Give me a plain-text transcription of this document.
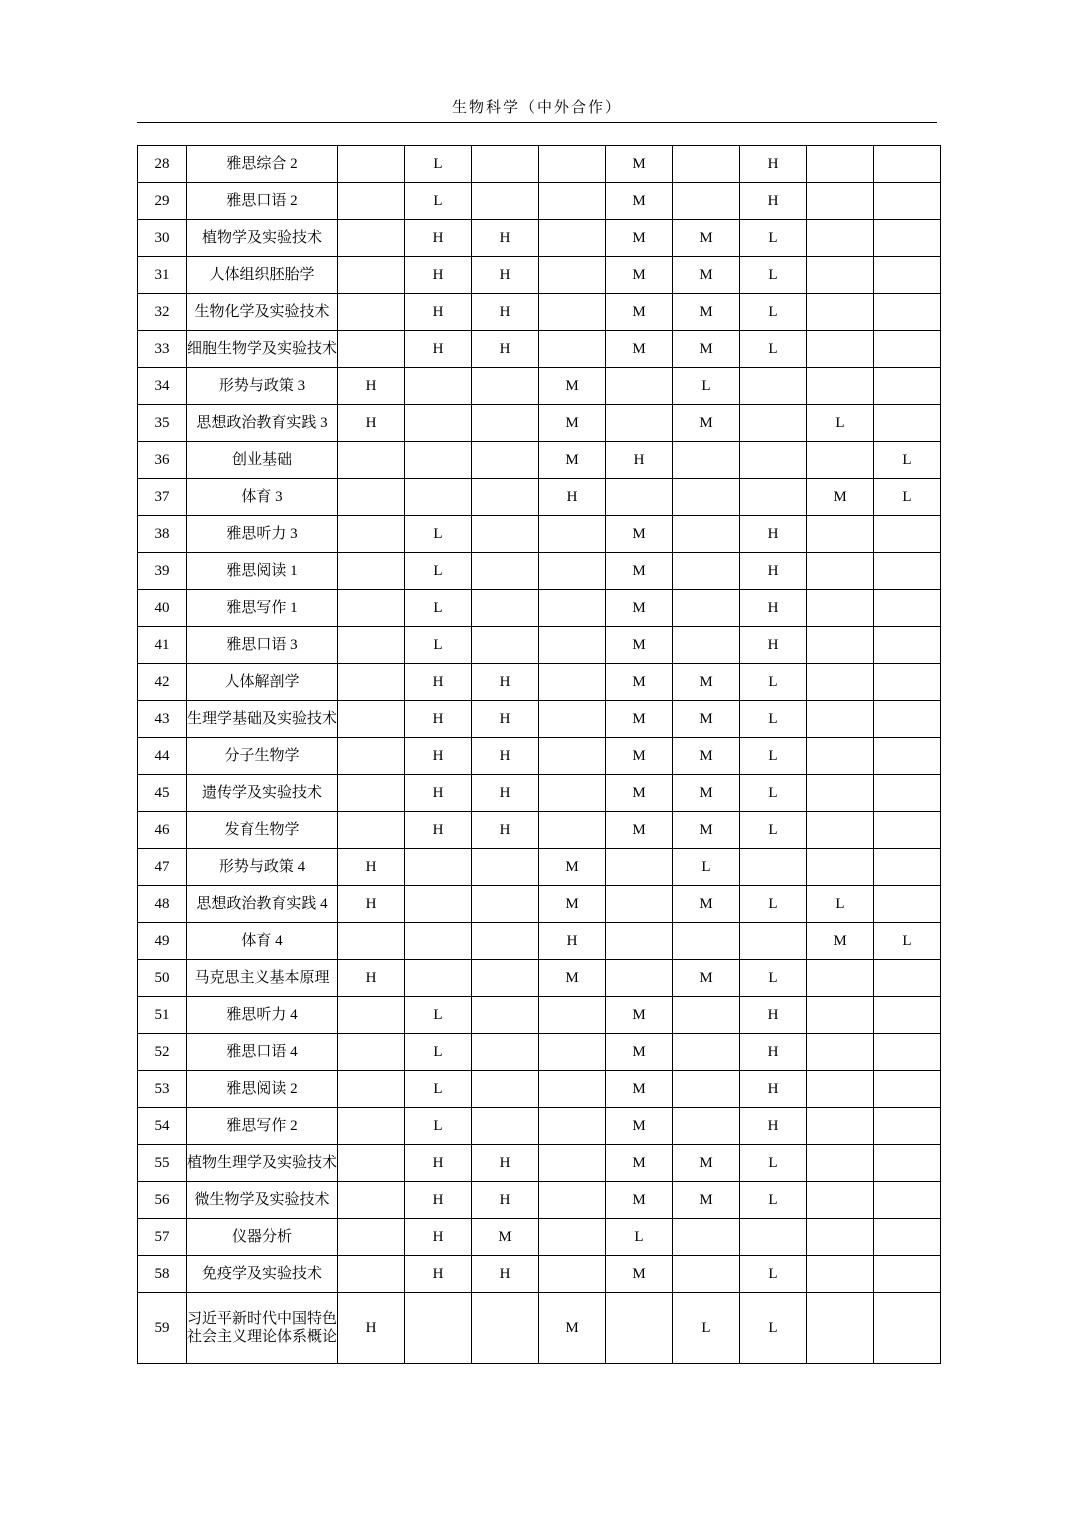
生物科学（中外合作）
28	雅思综合 2		L			M		H		
29	雅思口语 2		L			M		H		
30	植物学及实验技术		H	H		M	M	L		
31	人体组织胚胎学		H	H		M	M	L		
32	生物化学及实验技术		H	H		M	M	L		
33	细胞生物学及实验技术		H	H		M	M	L		
34	形势与政策 3	H			M		L			
35	思想政治教育实践 3	H			M		M		L	
36	创业基础				M	H				L
37	体育 3				H				M	L
38	雅思听力 3		L			M		H		
39	雅思阅读 1		L			M		H		
40	雅思写作 1		L			M		H		
41	雅思口语 3		L			M		H		
42	人体解剖学		H	H		M	M	L		
43	生理学基础及实验技术		H	H		M	M	L		
44	分子生物学		H	H		M	M	L		
45	遗传学及实验技术		H	H		M	M	L		
46	发育生物学		H	H		M	M	L		
47	形势与政策 4	H			M		L			
48	思想政治教育实践 4	H			M		M	L	L	
49	体育 4				H				M	L
50	马克思主义基本原理	H			M		M	L		
51	雅思听力 4		L			M		H		
52	雅思口语 4		L			M		H		
53	雅思阅读 2		L			M		H		
54	雅思写作 2		L			M		H		
55	植物生理学及实验技术		H	H		M	M	L		
56	微生物学及实验技术		H	H		M	M	L		
57	仪器分析		H	M		L				
58	免疫学及实验技术		H	H		M		L		
59	习近平新时代中国特色
社会主义理论体系概论	H			M		L	L		
